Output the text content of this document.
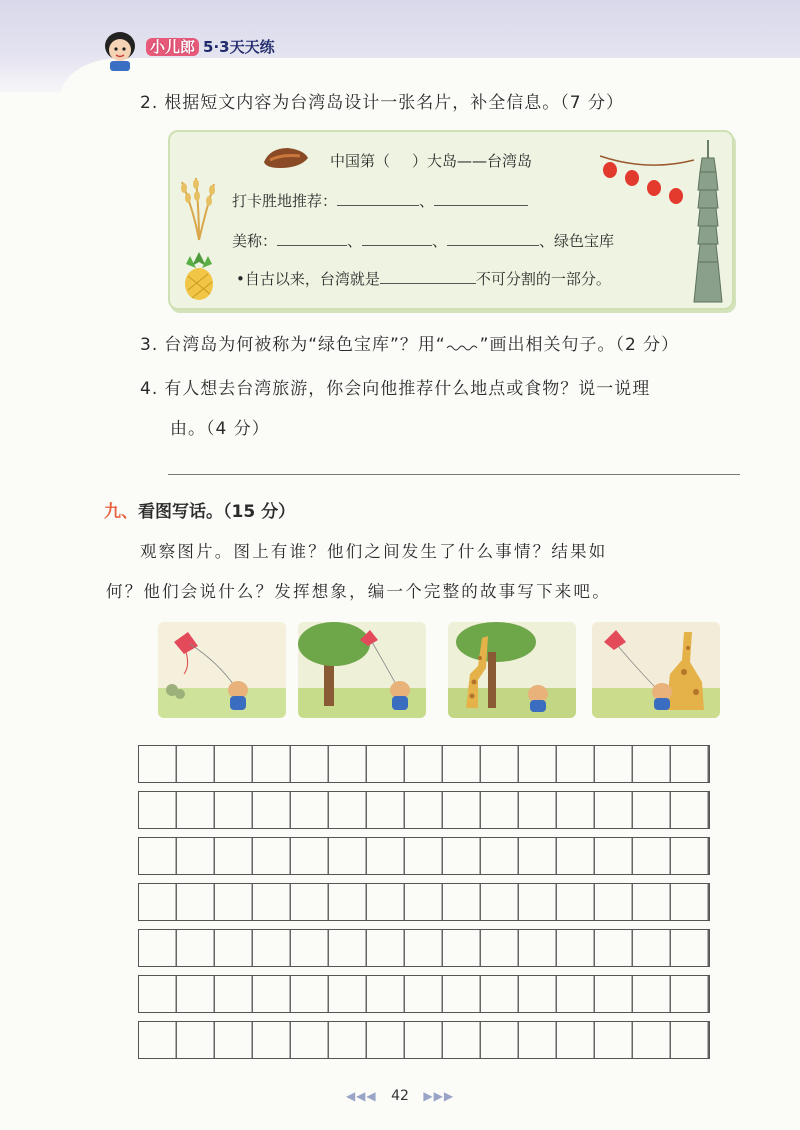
小儿郎 5·3天天练
2. 根据短文内容为台湾岛设计一张名片，补全信息。（7 分）
中国第（ ）大岛——台湾岛
打卡胜地推荐：	、
美称：	、	、	、绿色宝库
•自古以来，台湾就是	不可分割的一部分。
3. 台湾岛为何被称为“绿色宝库”？用“ ”画出相关句子。（2 分）
4. 有人想去台湾旅游，你会向他推荐什么地点或食物？说一说理
由。（4 分）
九、看图写话。（15 分）
观察图片。图上有谁？他们之间发生了什么事情？结果如
何？他们会说什么？发挥想象，编一个完整的故事写下来吧。
◀◀◀ 42 ▶▶▶
